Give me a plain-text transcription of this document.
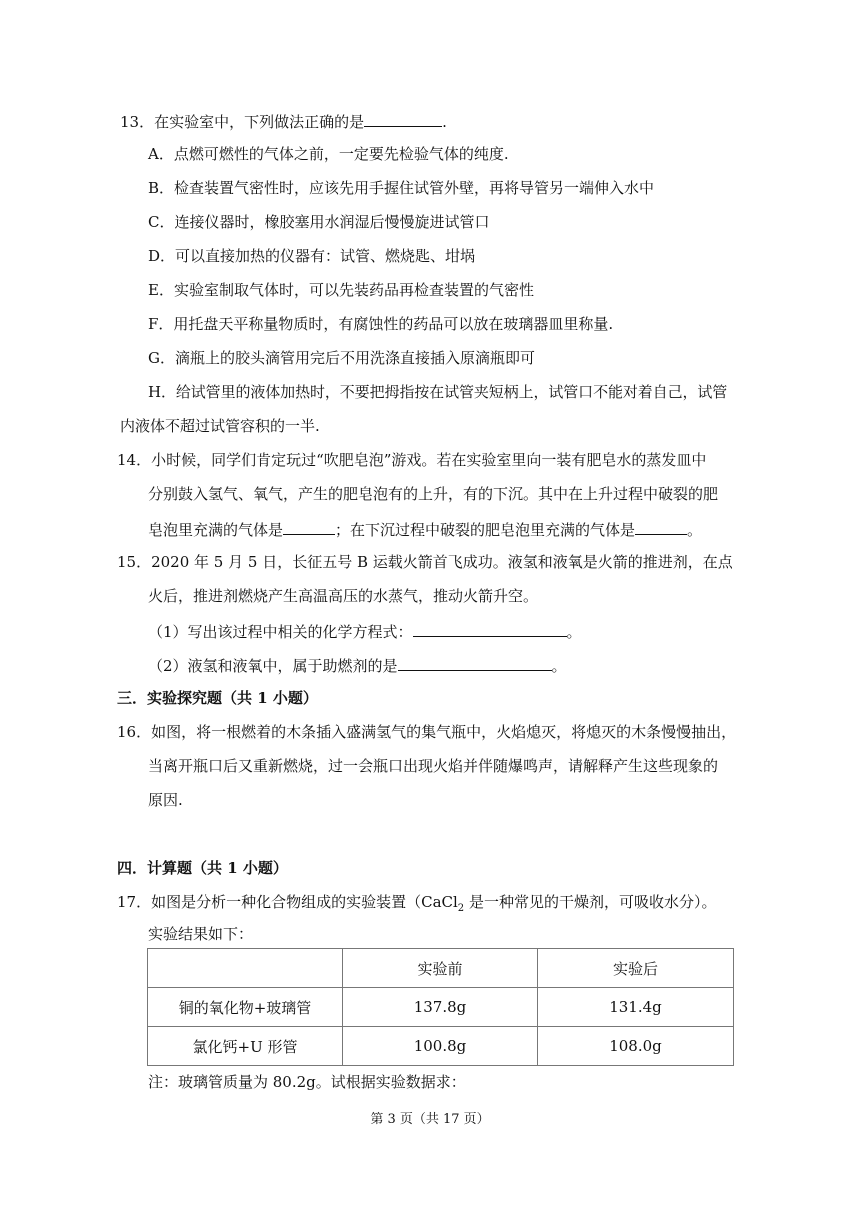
13．在实验室中，下列做法正确的是	.
A．点燃可燃性的气体之前，一定要先检验气体的纯度.
B．检查装置气密性时，应该先用手握住试管外壁，再将导管另一端伸入水中
C．连接仪器时，橡胶塞用水润湿后慢慢旋进试管口
D．可以直接加热的仪器有：试管、燃烧匙、坩埚
E．实验室制取气体时，可以先装药品再检查装置的气密性
F．用托盘天平称量物质时，有腐蚀性的药品可以放在玻璃器皿里称量.
G．滴瓶上的胶头滴管用完后不用洗涤直接插入原滴瓶即可
H．给试管里的液体加热时，不要把拇指按在试管夹短柄上，试管口不能对着自己，试管
内液体不超过试管容积的一半.
14．小时候，同学们肯定玩过“吹肥皂泡”游戏。若在实验室里向一装有肥皂水的蒸发皿中
分别鼓入氢气、氧气，产生的肥皂泡有的上升，有的下沉。其中在上升过程中破裂的肥
皂泡里充满的气体是	；在下沉过程中破裂的肥皂泡里充满的气体是	。
15．2020 年 5 月 5 日，长征五号 B 运载火箭首飞成功。液氢和液氧是火箭的推进剂，在点
火后，推进剂燃烧产生高温高压的水蒸气，推动火箭升空。
（1）写出该过程中相关的化学方程式：	。
（2）液氢和液氧中，属于助燃剂的是	。
三．实验探究题（共 1 小题）
16．如图，将一根燃着的木条插入盛满氢气的集气瓶中，火焰熄灭，将熄灭的木条慢慢抽出，
当离开瓶口后又重新燃烧，过一会瓶口出现火焰并伴随爆鸣声，请解释产生这些现象的
原因.
四．计算题（共 1 小题）
17．如图是分析一种化合物组成的实验装置（CaCl$_2$ 是一种常见的干燥剂，可吸收水分）。
实验结果如下：
	实验前	实验后
铜的氧化物+玻璃管	137.8g	131.4g
氯化钙+U 形管	100.8g	108.0g
注：玻璃管质量为 80.2g。试根据实验数据求：
第 3 页（共 17 页）
